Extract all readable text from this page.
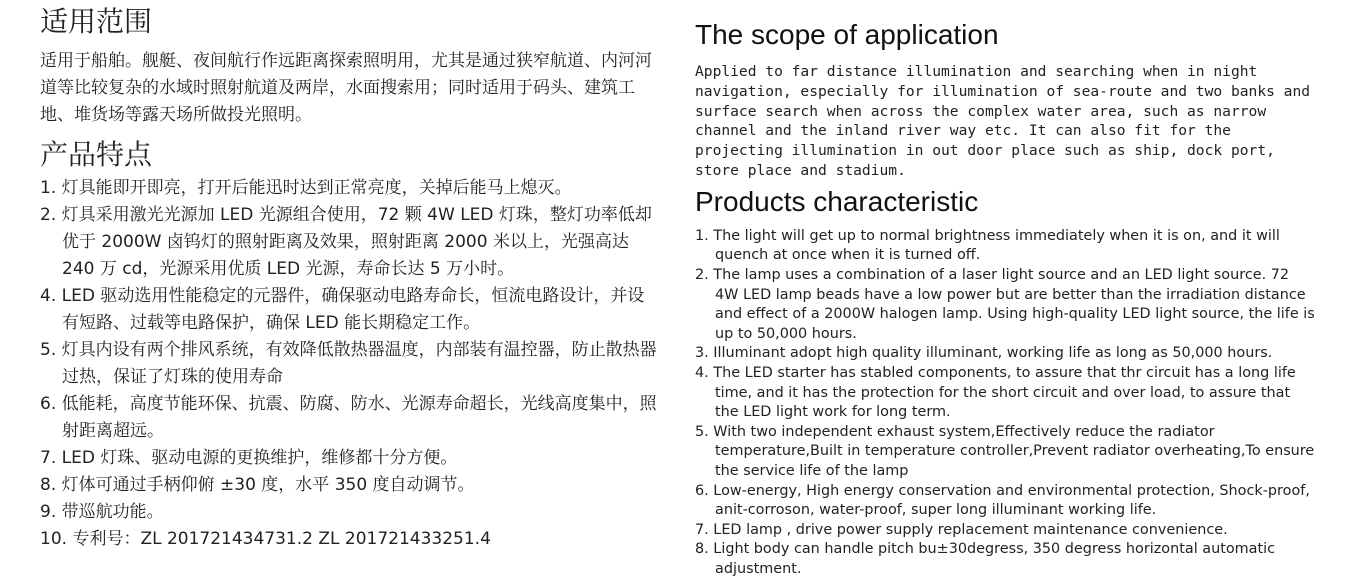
适用范围

适用于船舶。舰艇、夜间航行作远距离探索照明用，尤其是通过狭窄航道、内河河道等比较复杂的水域时照射航道及两岸，水面搜索用；同时适用于码头、建筑工地、堆货场等露天场所做投光照明。

产品特点
1. 灯具能即开即亮，打开后能迅时达到正常亮度，关掉后能马上熄灭。
2. 灯具采用激光光源加 LED 光源组合使用，72 颗 4W LED 灯珠，整灯功率低却优于 2000W 卤钨灯的照射距离及效果，照射距离 2000 米以上，光强高达 240 万 cd，光源采用优质 LED 光源，寿命长达 5 万小时。
4. LED 驱动选用性能稳定的元器件，确保驱动电路寿命长，恒流电路设计，并设有短路、过载等电路保护，确保 LED 能长期稳定工作。
5. 灯具内设有两个排风系统，有效降低散热器温度，内部装有温控器，防止散热器过热，保证了灯珠的使用寿命
6. 低能耗，高度节能环保、抗震、防腐、防水、光源寿命超长，光线高度集中，照射距离超远。
7. LED 灯珠、驱动电源的更换维护，维修都十分方便。
8. 灯体可通过手柄仰俯 ±30 度，水平 350 度自动调节。
9. 带巡航功能。
10. 专利号：ZL 201721434731.2 ZL 201721433251.4
The scope of application

Applied to far distance illumination and searching when in night navigation, especially for illumination of sea-route and two banks and surface search when across the complex water area, such as narrow channel and the inland river way etc. It can also fit for the projecting illumination in out door place such as ship, dock port, store place and stadium.

Products characteristic
1. The light will get up to normal brightness immediately when it is on, and it will quench at once when it is turned off.
2. The lamp uses a combination of a laser light source and an LED light source. 72 4W LED lamp beads have a low power but are better than the irradiation distance and effect of a 2000W halogen lamp. Using high-quality LED light source, the life is up to 50,000 hours.
3. Illuminant adopt high quality illuminant, working life as long as 50,000 hours.
4. The LED starter has stabled components, to assure that thr circuit has a long life time, and it has the protection for the short circuit and over load, to assure that the LED light work for long term.
5. With two independent exhaust system,Effectively reduce the radiator temperature,Built in temperature controller,Prevent radiator overheating,To ensure the service life of the lamp
6. Low-energy, High energy conservation and environmental protection, Shock-proof, anit-corroson, water-proof, super long illuminant working life.
7. LED lamp , drive power supply replacement maintenance convenience.
8. Light body can handle pitch bu±30degress, 350 degress horizontal automatic adjustment.
